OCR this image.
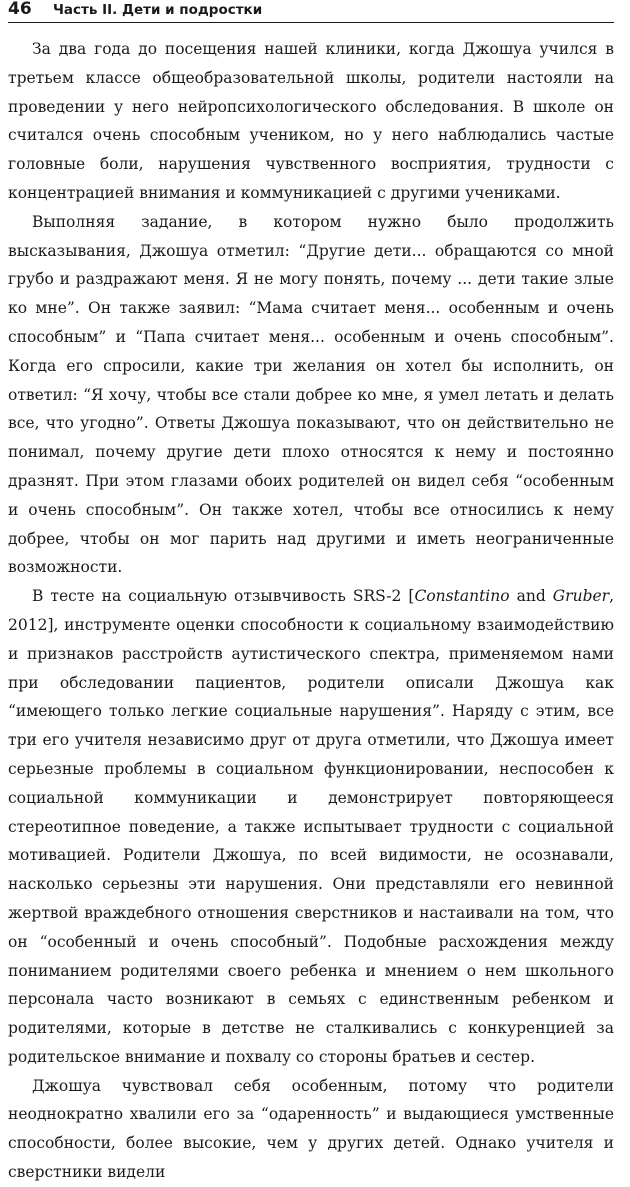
46 Часть II. Дети и подростки

За два года до посещения нашей клиники, когда Джошуа учился в третьем классе общеобразовательной школы, родители настояли на проведении у него нейропсихологического обследования. В школе он считался очень способным учеником, но у него наблюдались частые головные боли, нарушения чувственного восприятия, трудности с концентрацией внимания и коммуникацией с другими учениками.

Выполняя задание, в котором нужно было продолжить высказывания, Джошуа отметил: “Другие дети... обращаются со мной грубо и раздражают меня. Я не могу понять, почему ... дети такие злые ко мне”. Он также заявил: “Мама считает меня... особенным и очень способным” и “Папа считает меня... особенным и очень способным”. Когда его спросили, какие три желания он хотел бы исполнить, он ответил: “Я хочу, чтобы все стали добрее ко мне, я умел летать и делать все, что угодно”. Ответы Джошуа показывают, что он действительно не понимал, почему другие дети плохо относятся к нему и постоянно дразнят. При этом глазами обоих родителей он видел себя “особенным и очень способным”. Он также хотел, чтобы все относились к нему добрее, чтобы он мог парить над другими и иметь неограниченные возможности.

В тесте на социальную отзывчивость SRS-2 [Constantino and Gruber, 2012], инструменте оценки способности к социальному взаимодействию и признаков расстройств аутистического спектра, применяемом нами при обследовании пациентов, родители описали Джошуа как “имеющего только легкие социальные нарушения”. Наряду с этим, все три его учителя независимо друг от друга отметили, что Джошуа имеет серьезные проблемы в социальном функционировании, неспособен к социальной коммуникации и демонстрирует повторяющееся стереотипное поведение, а также испытывает трудности с социальной мотивацией. Родители Джошуа, по всей видимости, не осознавали, насколько серьезны эти нарушения. Они представляли его невинной жертвой враждебного отношения сверстников и настаивали на том, что он “особенный и очень способный”. Подобные расхождения между пониманием родителями своего ребенка и мнением о нем школьного персонала часто возникают в семьях с единственным ребенком и родителями, которые в детстве не сталкивались с конкуренцией за родительское внимание и похвалу со стороны братьев и сестер.

Джошуа чувствовал себя особенным, потому что родители неоднократно хвалили его за “одаренность” и выдающиеся умственные способности, более высокие, чем у других детей. Однако учителя и сверстники видели
